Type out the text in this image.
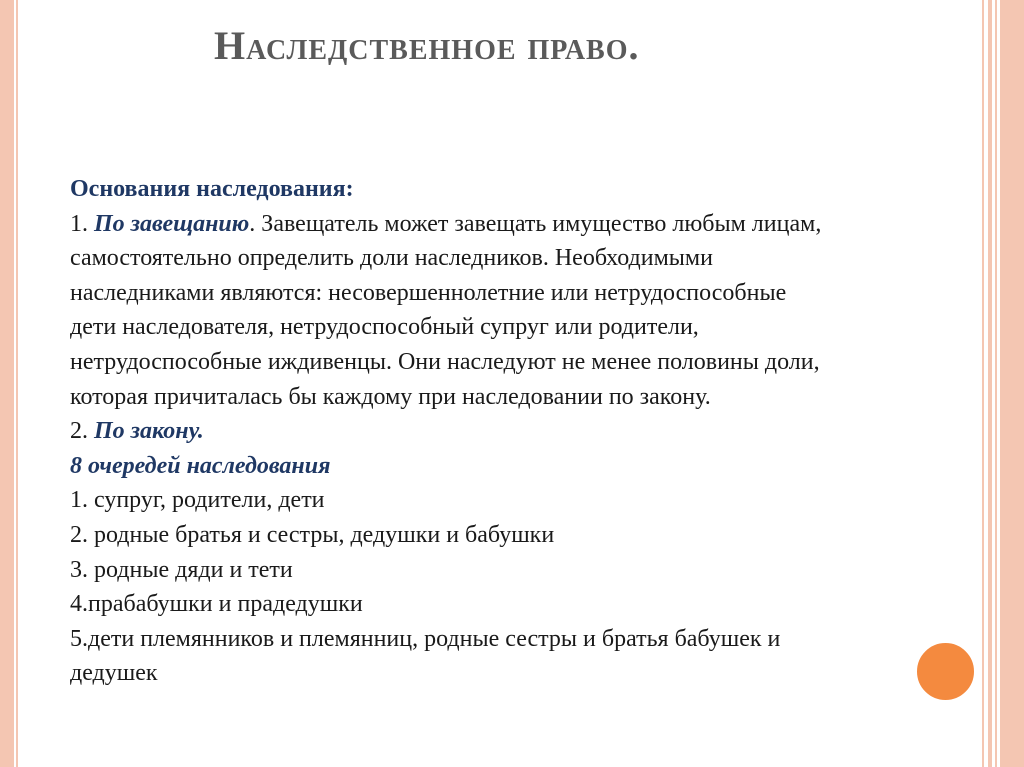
Наследственное право.
Основания наследования:
1. По завещанию. Завещатель может завещать имущество любым лицам,
самостоятельно определить доли наследников. Необходимыми
наследниками являются: несовершеннолетние или нетрудоспособные
дети наследователя, нетрудоспособный супруг или родители,
нетрудоспособные иждивенцы. Они наследуют не менее половины доли,
которая причиталась бы каждому при наследовании по закону.
2. По закону.
8 очередей наследования
1. супруг, родители, дети
2. родные братья и сестры, дедушки и бабушки
3. родные дяди и тети
4.прабабушки и прадедушки
5.дети племянников и племянниц, родные сестры и братья бабушек и
дедушек
